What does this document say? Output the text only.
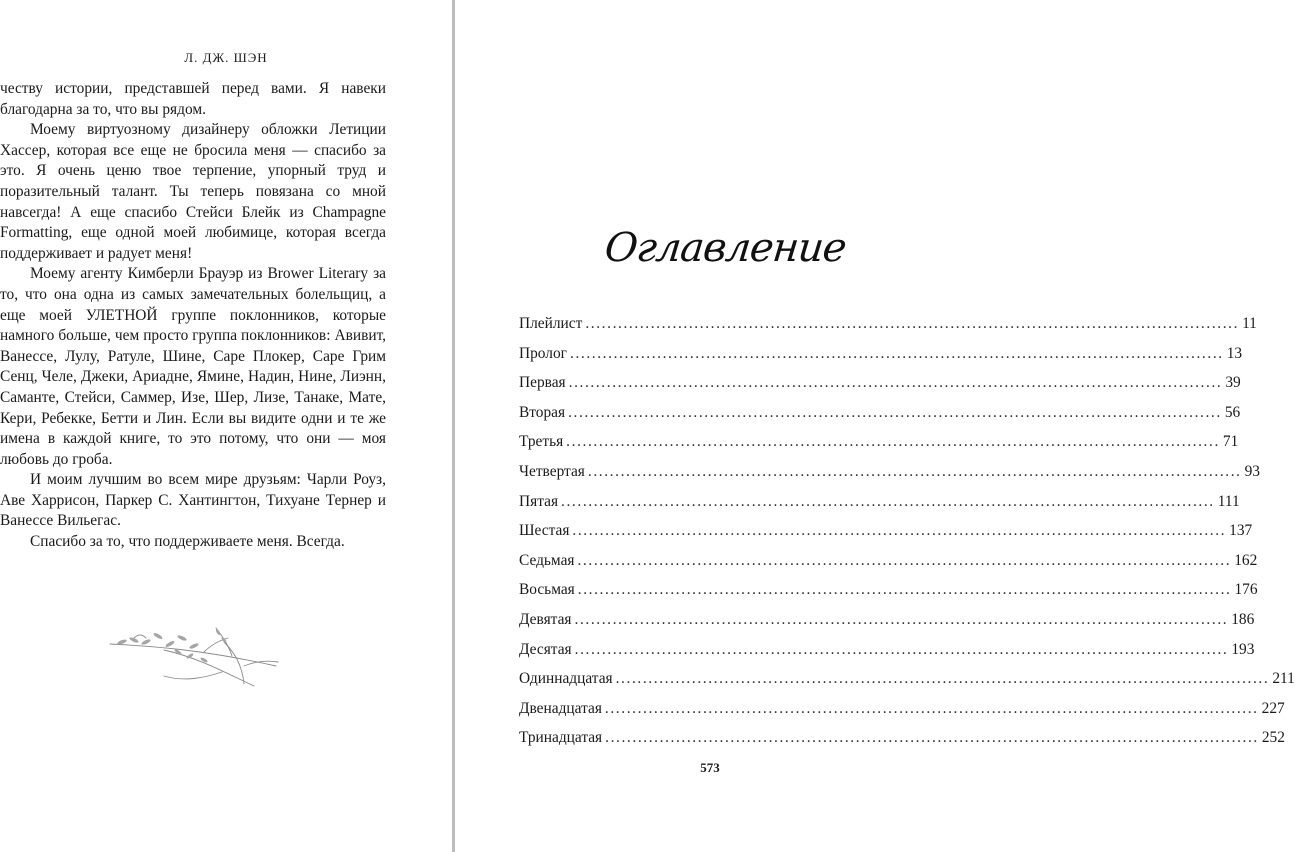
Л. ДЖ. ШЭН

честву истории, представшей перед вами. Я навеки благодарна за то, что вы рядом.

Моему виртуозному дизайнеру обложки Летиции Хассер, которая все еще не бросила меня — спасибо за это. Я очень ценю твое терпение, упорный труд и поразительный талант. Ты теперь повязана со мной навсегда! А еще спасибо Стейси Блейк из Champagne Formatting, еще одной моей любимице, которая всегда поддерживает и радует меня!

Моему агенту Кимберли Брауэр из Brower Literary за то, что она одна из самых замечательных болельщиц, а еще моей УЛЕТНОЙ группе поклонников, которые намного больше, чем просто группа поклонников: Авивит, Ванессе, Лулу, Ратуле, Шине, Саре Плокер, Саре Грим Сенц, Челе, Джеки, Ариадне, Ямине, Надин, Нине, Лиэнн, Саманте, Стейси, Саммер, Изе, Шер, Лизе, Танаке, Мате, Кери, Ребекке, Бетти и Лин. Если вы видите одни и те же имена в каждой книге, то это потому, что они — моя любовь до гроба.

И моим лучшим во всем мире друзьям: Чарли Роуз, Аве Харрисон, Паркер С. Хантингтон, Тихуане Тернер и Ванессе Вильегас.

Спасибо за то, что поддерживаете меня. Всегда.

Оглавление
Плейлист ........................................................................................................................ 11
Пролог ........................................................................................................................ 13
Первая ........................................................................................................................ 39
Вторая ........................................................................................................................ 56
Третья ........................................................................................................................ 71
Четвертая ........................................................................................................................ 93
Пятая ........................................................................................................................ 111
Шестая ........................................................................................................................ 137
Седьмая ........................................................................................................................ 162
Восьмая ........................................................................................................................ 176
Девятая ........................................................................................................................ 186
Десятая ........................................................................................................................ 193
Одиннадцатая ........................................................................................................................ 211
Двенадцатая ........................................................................................................................ 227
Тринадцатая ........................................................................................................................ 252
573
